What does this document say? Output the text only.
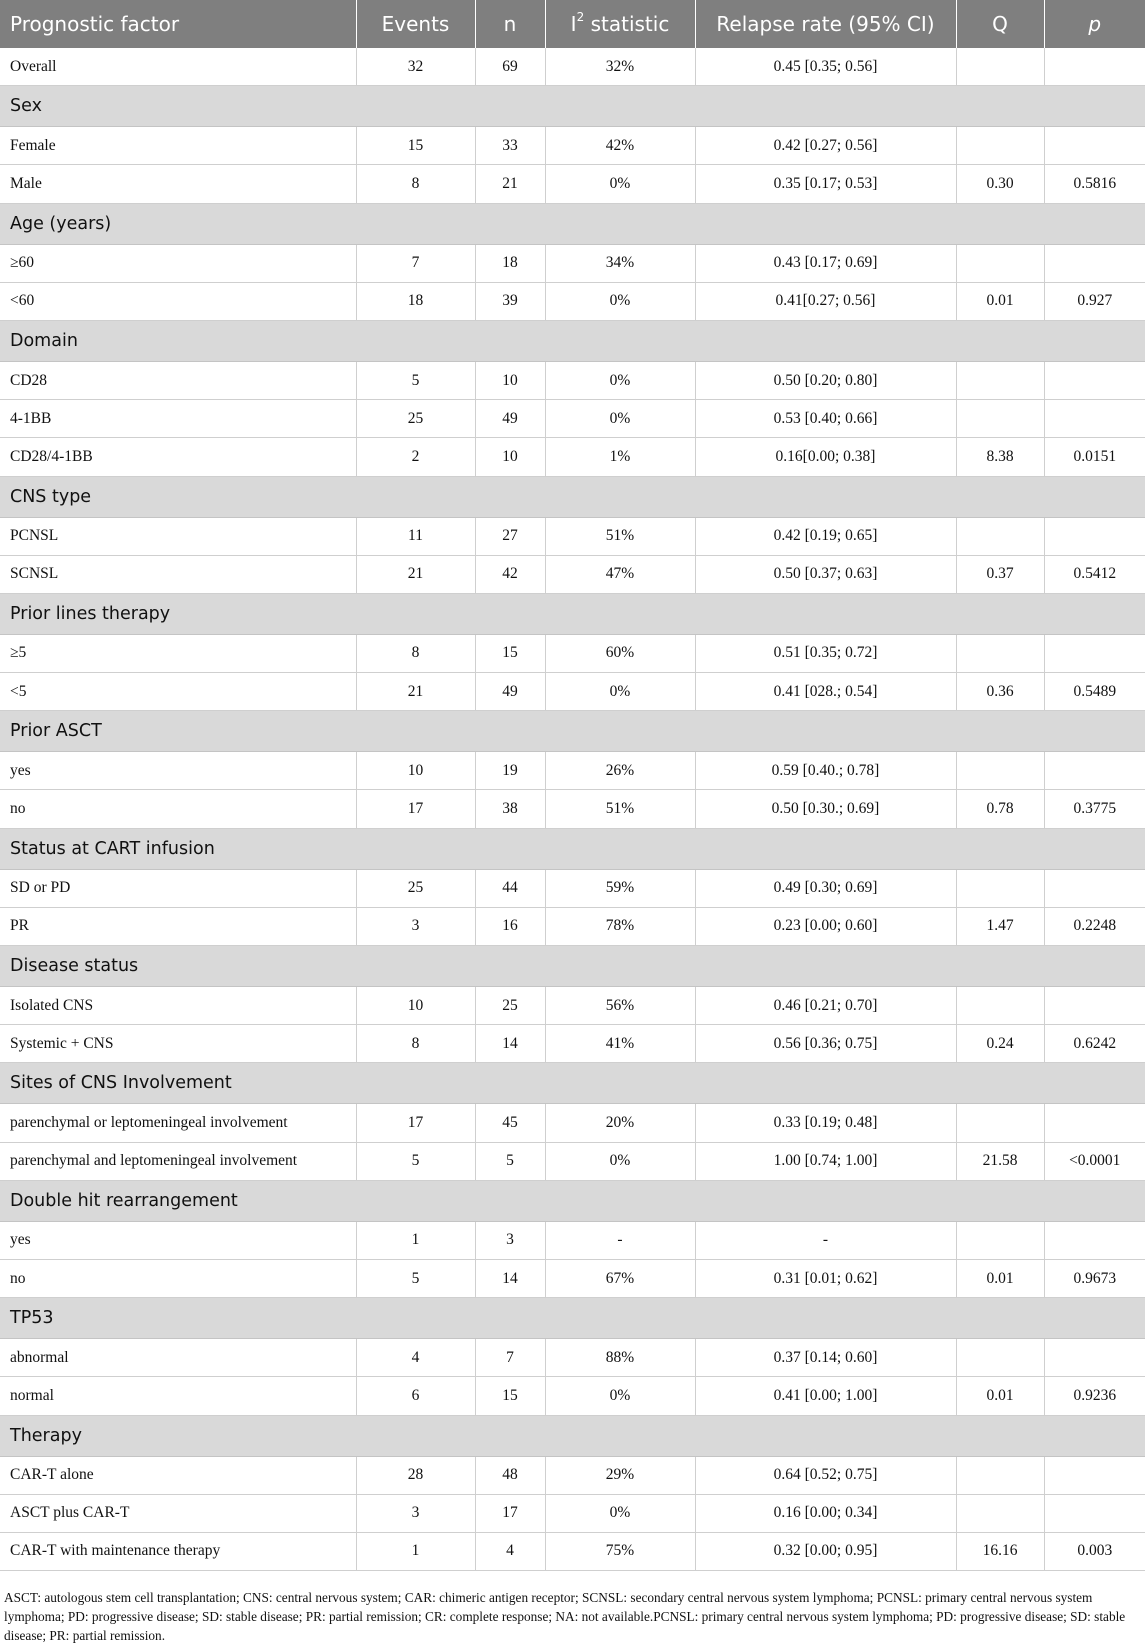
Prognostic factor	Events	n	$I^2$ statistic	Relapse rate (95% CI)	Q	p
Overall	32	69	32%	0.45 [0.35; 0.56]		
Sex						
Female	15	33	42%	0.42 [0.27; 0.56]		
Male	8	21	0%	0.35 [0.17; 0.53]	0.30	0.5816
Age (years)						
≥60	7	18	34%	0.43 [0.17; 0.69]		
<60	18	39	0%	0.41[0.27; 0.56]	0.01	0.927
Domain						
CD28	5	10	0%	0.50 [0.20; 0.80]		
4-1BB	25	49	0%	0.53 [0.40; 0.66]		
CD28/4-1BB	2	10	1%	0.16[0.00; 0.38]	8.38	0.0151
CNS type						
PCNSL	11	27	51%	0.42 [0.19; 0.65]		
SCNSL	21	42	47%	0.50 [0.37; 0.63]	0.37	0.5412
Prior lines therapy						
≥5	8	15	60%	0.51 [0.35; 0.72]		
<5	21	49	0%	0.41 [028.; 0.54]	0.36	0.5489
Prior ASCT						
yes	10	19	26%	0.59 [0.40.; 0.78]		
no	17	38	51%	0.50 [0.30.; 0.69]	0.78	0.3775
Status at CART infusion						
SD or PD	25	44	59%	0.49 [0.30; 0.69]		
PR	3	16	78%	0.23 [0.00; 0.60]	1.47	0.2248
Disease status						
Isolated CNS	10	25	56%	0.46 [0.21; 0.70]		
Systemic + CNS	8	14	41%	0.56 [0.36; 0.75]	0.24	0.6242
Sites of CNS Involvement						
parenchymal or leptomeningeal involvement	17	45	20%	0.33 [0.19; 0.48]		
parenchymal and leptomeningeal involvement	5	5	0%	1.00 [0.74; 1.00]	21.58	<0.0001
Double hit rearrangement						
yes	1	3	-	-		
no	5	14	67%	0.31 [0.01; 0.62]	0.01	0.9673
TP53						
abnormal	4	7	88%	0.37 [0.14; 0.60]		
normal	6	15	0%	0.41 [0.00; 1.00]	0.01	0.9236
Therapy						
CAR-T alone	28	48	29%	0.64 [0.52; 0.75]		
ASCT plus CAR-T	3	17	0%	0.16 [0.00; 0.34]		
CAR-T with maintenance therapy	1	4	75%	0.32 [0.00; 0.95]	16.16	0.003
ASCT: autologous stem cell transplantation; CNS: central nervous system; CAR: chimeric antigen receptor; SCNSL: secondary central nervous system lymphoma; PCNSL: primary central nervous system lymphoma; PD: progressive disease; SD: stable disease; PR: partial remission; CR: complete response; NA: not available.PCNSL: primary central nervous system lymphoma; PD: progressive disease; SD: stable disease; PR: partial remission.
